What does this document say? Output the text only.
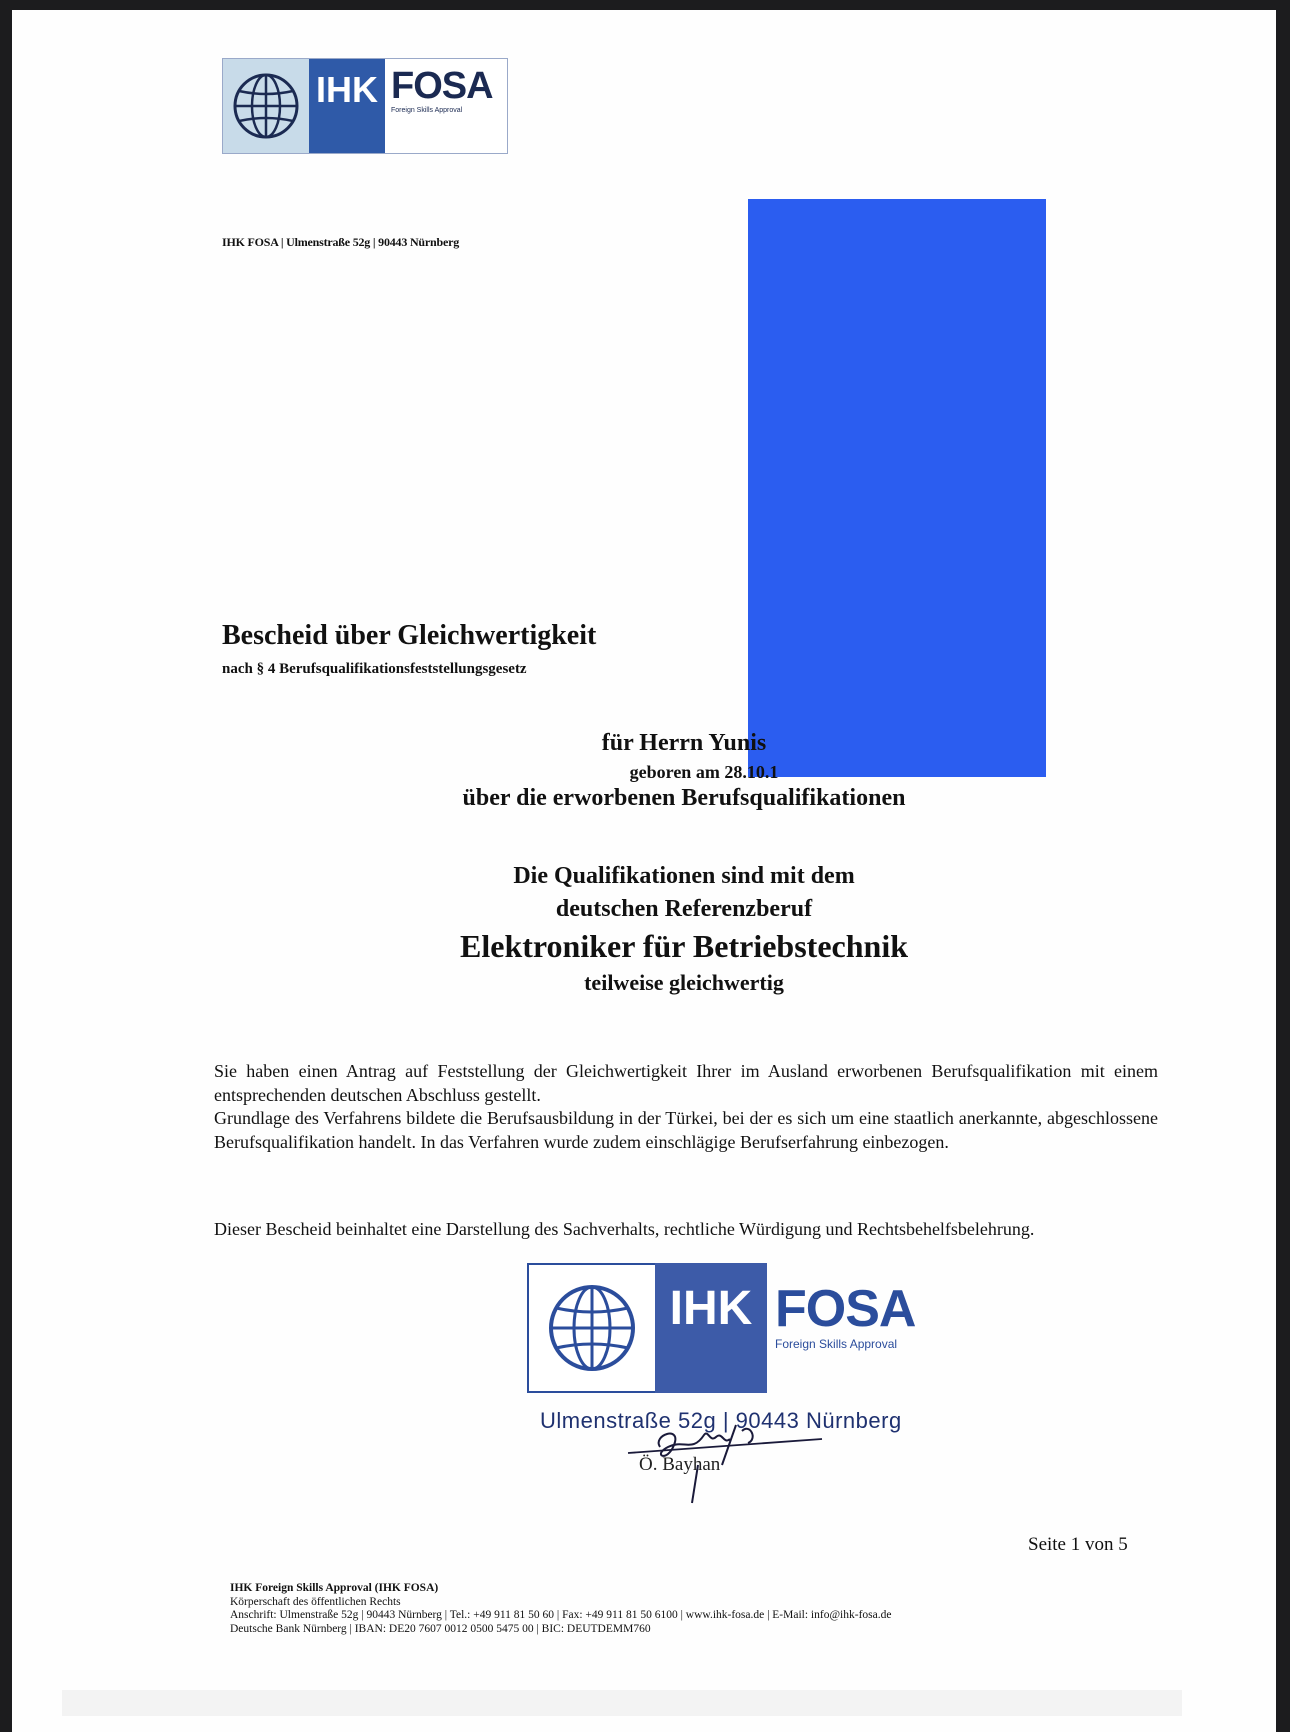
IHK FOSA
Foreign Skills Approval
IHK FOSA | Ulmenstraße 52g | 90443 Nürnberg
Bescheid über Gleichwertigkeit
nach § 4 Berufsqualifikationsfeststellungsgesetz
für Herrn Yunis
geboren am 28.10.1
über die erworbenen Berufsqualifikationen
Die Qualifikationen sind mit dem
deutschen Referenzberuf
Elektroniker für Betriebstechnik
teilweise gleichwertig
Sie haben einen Antrag auf Feststellung der Gleichwertigkeit Ihrer im Ausland erworbenen Berufsqualifikation mit einem entsprechenden deutschen Abschluss gestellt.
Grundlage des Verfahrens bildete die Berufsausbildung in der Türkei, bei der es sich um eine staatlich anerkannte, abgeschlossene Berufsqualifikation handelt. In das Verfahren wurde zudem einschlägige Berufserfahrung einbezogen.
Dieser Bescheid beinhaltet eine Darstellung des Sachverhalts, rechtliche Würdigung und Rechtsbehelfsbelehrung.
IHK FOSA
Foreign Skills Approval
Ulmenstraße 52g | 90443 Nürnberg
Ö. Bayhan
Seite 1 von 5
IHK Foreign Skills Approval (IHK FOSA)
Körperschaft des öffentlichen Rechts
Anschrift: Ulmenstraße 52g | 90443 Nürnberg | Tel.: +49 911 81 50 60 | Fax: +49 911 81 50 6100 | www.ihk-fosa.de | E-Mail: info@ihk-fosa.de
Deutsche Bank Nürnberg | IBAN: DE20 7607 0012 0500 5475 00 | BIC: DEUTDEMM760
